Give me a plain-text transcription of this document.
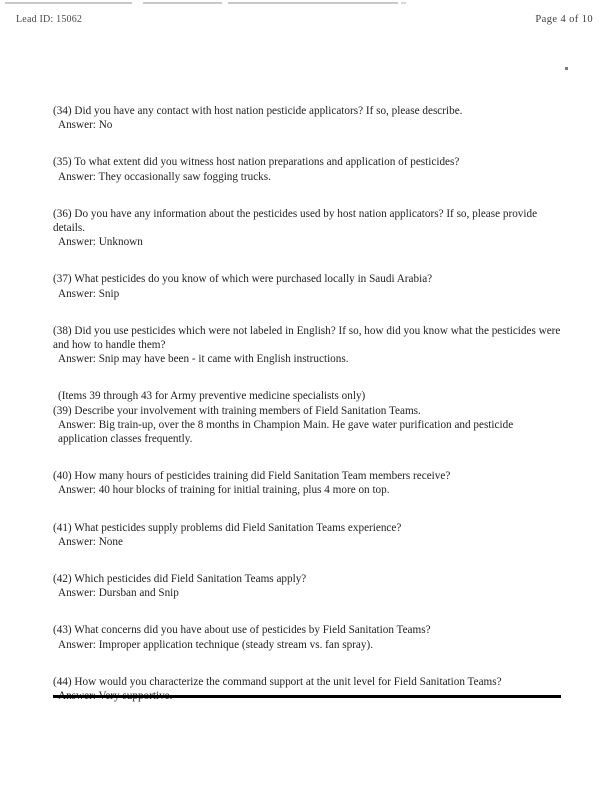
Lead ID: 15062	Page 4 of 10

(34) Did you have any contact with host nation pesticide applicators? If so, please describe.

Answer: No

(35) To what extent did you witness host nation preparations and application of pesticides?

Answer: They occasionally saw fogging trucks.

(36) Do you have any information about the pesticides used by host nation applicators? If so, please provide details.

Answer: Unknown

(37) What pesticides do you know of which were purchased locally in Saudi Arabia?

Answer: Snip

(38) Did you use pesticides which were not labeled in English? If so, how did you know what the pesticides were and how to handle them?

Answer: Snip may have been - it came with English instructions.

(Items 39 through 43 for Army preventive medicine specialists only)

(39) Describe your involvement with training members of Field Sanitation Teams.

Answer: Big train-up, over the 8 months in Champion Main. He gave water purification and pesticide application classes frequently.

(40) How many hours of pesticides training did Field Sanitation Team members receive?

Answer: 40 hour blocks of training for initial training, plus 4 more on top.

(41) What pesticides supply problems did Field Sanitation Teams experience?

Answer: None

(42) Which pesticides did Field Sanitation Teams apply?

Answer: Dursban and Snip

(43) What concerns did you have about use of pesticides by Field Sanitation Teams?

Answer: Improper application technique (steady stream vs. fan spray).

(44) How would you characterize the command support at the unit level for Field Sanitation Teams?
